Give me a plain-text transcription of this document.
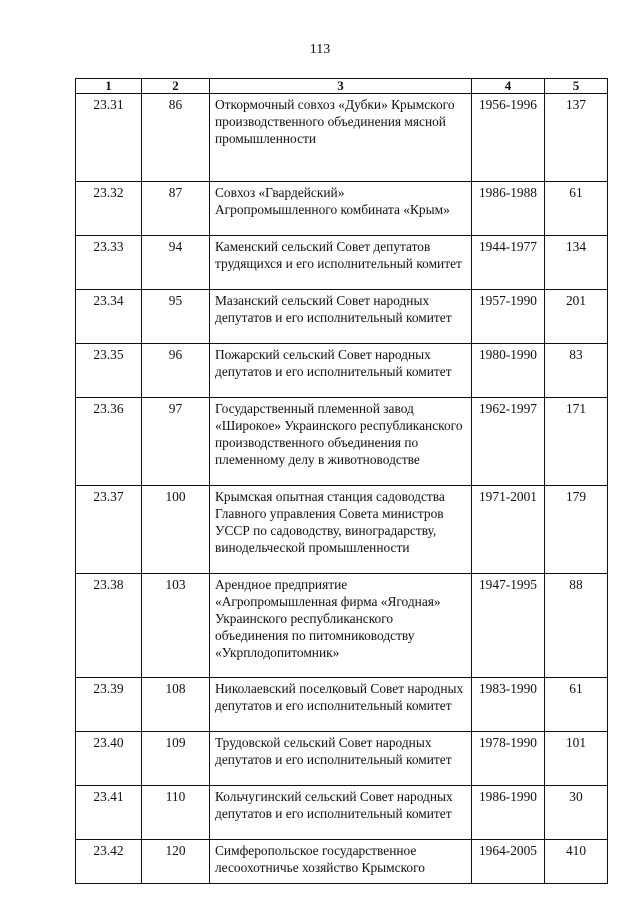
113
1	2	3	4	5
23.31	86	Откормочный совхоз «Дубки» Крымского производственного объединения мясной промышленности	1956-1996	137
23.32	87	Совхоз «Гвардейский» Агропромышленного комбината «Крым»	1986-1988	61
23.33	94	Каменский сельский Совет депутатов трудящихся и его исполнительный комитет	1944-1977	134
23.34	95	Мазанский сельский Совет народных депутатов и его исполнительный комитет	1957-1990	201
23.35	96	Пожарский сельский Совет народных депутатов и его исполнительный комитет	1980-1990	83
23.36	97	Государственный племенной завод «Широкое» Украинского республиканского производственного объединения по племенному делу в животноводстве	1962-1997	171
23.37	100	Крымская опытная станция садоводства Главного управления Совета министров УССР по садоводству, виноградарству, винодельческой промышленности	1971-2001	179
23.38	103	Арендное предприятие «Агропромышленная фирма «Ягодная» Украинского республиканского объединения по питомниководству «Укрплодопитомник»	1947-1995	88
23.39	108	Николаевский поселковый Совет народных депутатов и его исполнительный комитет	1983-1990	61
23.40	109	Трудовской сельский Совет народных депутатов и его исполнительный комитет	1978-1990	101
23.41	110	Кольчугинский сельский Совет народных депутатов и его исполнительный комитет	1986-1990	30
23.42	120	Симферопольское государственное лесоохотничье хозяйство Крымского	1964-2005	410
